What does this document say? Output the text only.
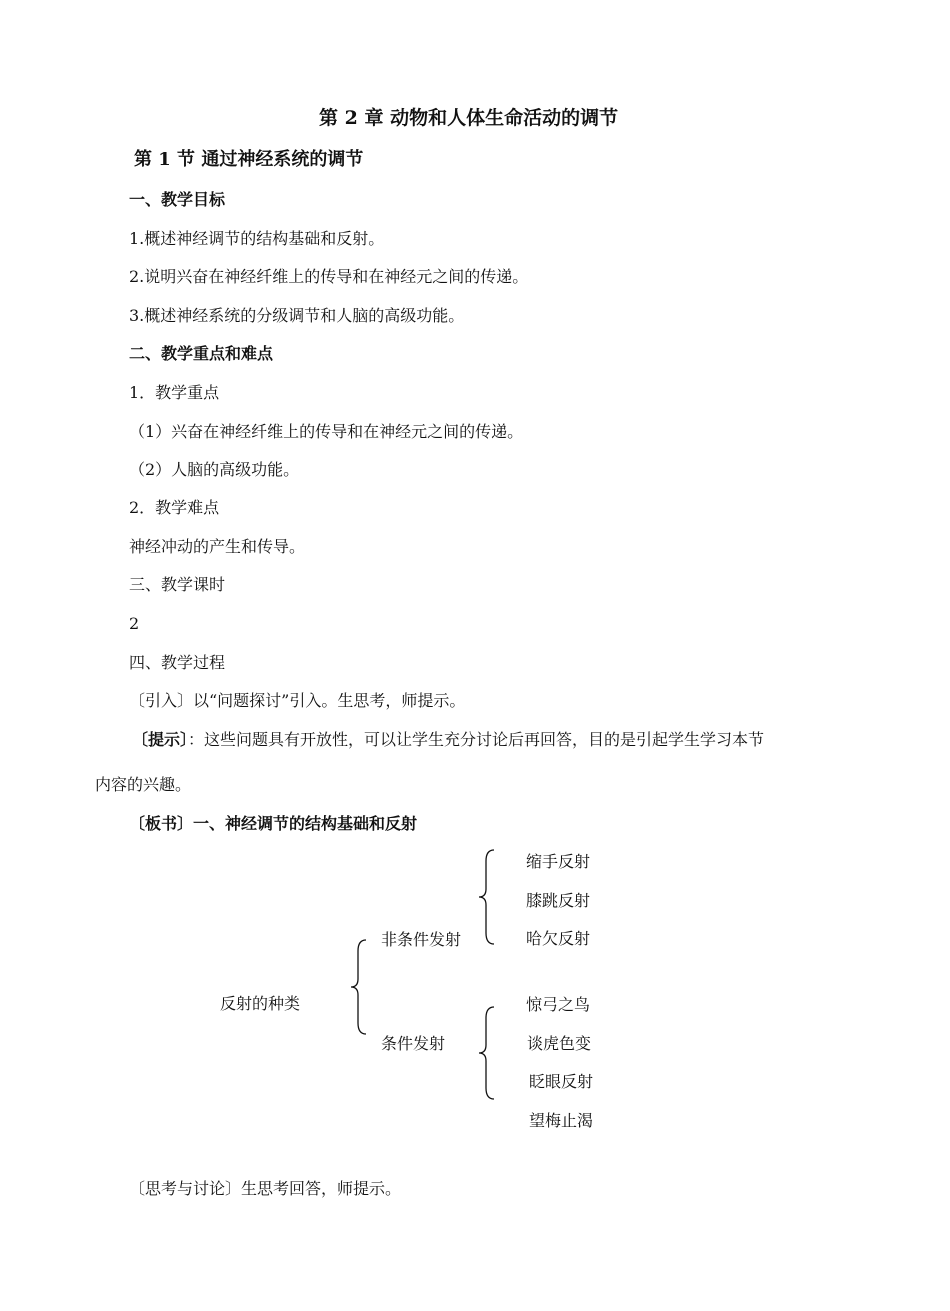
第 2 章 动物和人体生命活动的调节
第 1 节 通过神经系统的调节
一、教学目标
1.概述神经调节的结构基础和反射。
2.说明兴奋在神经纤维上的传导和在神经元之间的传递。
3.概述神经系统的分级调节和人脑的高级功能。
二、教学重点和难点
1．教学重点
（1）兴奋在神经纤维上的传导和在神经元之间的传递。
（2）人脑的高级功能。
2．教学难点
神经冲动的产生和传导。
三、教学课时
2
四、教学过程
〔引入〕以“问题探讨”引入。生思考，师提示。
〔提示〕：这些问题具有开放性，可以让学生充分讨论后再回答，目的是引起学生学习本节
内容的兴趣。
〔板书〕一、神经调节的结构基础和反射
反射的种类
非条件发射
条件发射
缩手反射
膝跳反射
哈欠反射
惊弓之鸟
谈虎色变
眨眼反射
望梅止渴
〔思考与讨论〕生思考回答，师提示。
